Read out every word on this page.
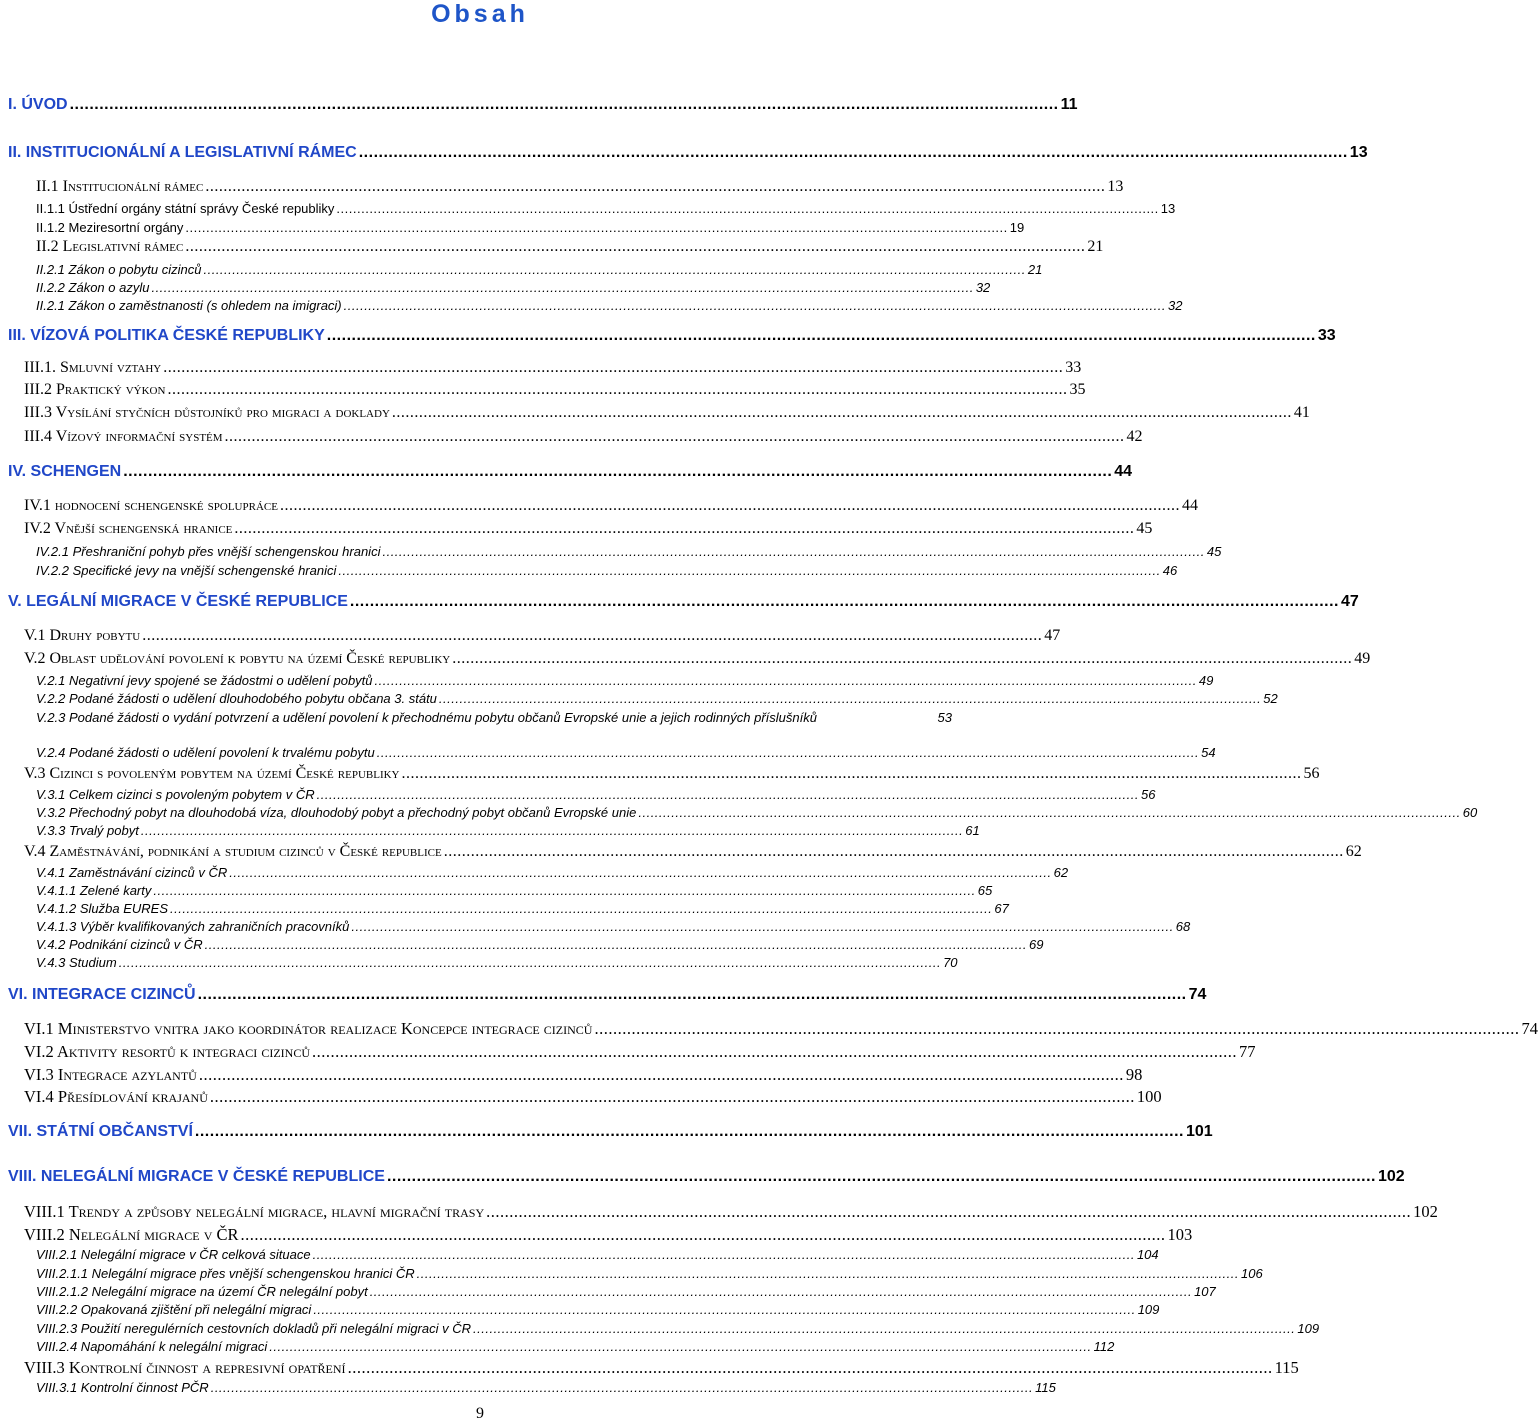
Obsah
I. ÚVOD ........................................................................................................................................................................................................ 11
II. INSTITUCIONÁLNÍ A LEGISLATIVNÍ RÁMEC ........................................................................................................................................................................................................ 13
II.1 Institucionální rámec ........................................................................................................................................................................................................ 13
II.1.1 Ústřední orgány státní správy České republiky ........................................................................................................................................................................................................ 13
II.1.2 Meziresortní orgány ........................................................................................................................................................................................................ 19
II.2 Legislativní rámec ........................................................................................................................................................................................................ 21
II.2.1 Zákon o pobytu cizinců ........................................................................................................................................................................................................ 21
II.2.2 Zákon o azylu ........................................................................................................................................................................................................ 32
II.2.1 Zákon o zaměstnanosti (s ohledem na imigraci) ........................................................................................................................................................................................................ 32
III. VÍZOVÁ POLITIKA ČESKÉ REPUBLIKY ........................................................................................................................................................................................................ 33
III.1. Smluvní vztahy ........................................................................................................................................................................................................ 33
III.2 Praktický výkon ........................................................................................................................................................................................................ 35
III.3 Vysílání styčních důstojníků pro migraci a doklady ........................................................................................................................................................................................................ 41
III.4 Vízový informační systém ........................................................................................................................................................................................................ 42
IV. SCHENGEN ........................................................................................................................................................................................................ 44
IV.1 hodnocení schengenské spolupráce ........................................................................................................................................................................................................ 44
IV.2 Vnější schengenská hranice ........................................................................................................................................................................................................ 45
IV.2.1 Přeshraniční pohyb přes vnější schengenskou hranici ........................................................................................................................................................................................................ 45
IV.2.2 Specifické jevy na vnější schengenské hranici ........................................................................................................................................................................................................ 46
V. LEGÁLNÍ MIGRACE V ČESKÉ REPUBLICE ........................................................................................................................................................................................................ 47
V.1 Druhy pobytu ........................................................................................................................................................................................................ 47
V.2 Oblast udělování povolení k pobytu na území České republiky ........................................................................................................................................................................................................ 49
V.2.1 Negativní jevy spojené se žádostmi o udělení pobytů ........................................................................................................................................................................................................ 49
V.2.2 Podané žádosti o udělení dlouhodobého pobytu občana 3. státu ........................................................................................................................................................................................................ 52
V.2.3 Podané žádosti o vydání potvrzení a udělení povolení k přechodnému pobytu občanů Evropské unie a jejich rodinných příslušníků	53
V.2.4 Podané žádosti o udělení povolení k trvalému pobytu ........................................................................................................................................................................................................ 54
V.3 Cizinci s povoleným pobytem na území České republiky ........................................................................................................................................................................................................ 56
V.3.1 Celkem cizinci s povoleným pobytem v ČR ........................................................................................................................................................................................................ 56
V.3.2 Přechodný pobyt na dlouhodobá víza, dlouhodobý pobyt a přechodný pobyt občanů Evropské unie ........................................................................................................................................................................................................ 60
V.3.3 Trvalý pobyt ........................................................................................................................................................................................................ 61
V.4 Zaměstnávání, podnikání a studium cizinců v České republice ........................................................................................................................................................................................................ 62
V.4.1 Zaměstnávání cizinců v ČR ........................................................................................................................................................................................................ 62
V.4.1.1 Zelené karty ........................................................................................................................................................................................................ 65
V.4.1.2 Služba EURES ........................................................................................................................................................................................................ 67
V.4.1.3 Výběr kvalifikovaných zahraničních pracovníků ........................................................................................................................................................................................................ 68
V.4.2 Podnikání cizinců v ČR ........................................................................................................................................................................................................ 69
V.4.3 Studium ........................................................................................................................................................................................................ 70
VI. INTEGRACE CIZINCŮ ........................................................................................................................................................................................................ 74
VI.1 Ministerstvo vnitra jako koordinátor realizace Koncepce integrace cizinců ........................................................................................................................................................................................................ 74
VI.2 Aktivity resortů k integraci cizinců ........................................................................................................................................................................................................ 77
VI.3 Integrace azylantů ........................................................................................................................................................................................................ 98
VI.4 Přesídlování krajanů ........................................................................................................................................................................................................ 100
VII. STÁTNÍ OBČANSTVÍ ........................................................................................................................................................................................................ 101
VIII. NELEGÁLNÍ MIGRACE V ČESKÉ REPUBLICE ........................................................................................................................................................................................................ 102
VIII.1 Trendy a způsoby nelegální migrace, hlavní migrační trasy ........................................................................................................................................................................................................ 102
VIII.2 Nelegální migrace v ČR ........................................................................................................................................................................................................ 103
VIII.2.1 Nelegální migrace v ČR celková situace ........................................................................................................................................................................................................ 104
VIII.2.1.1 Nelegální migrace přes vnější schengenskou hranici ČR ........................................................................................................................................................................................................ 106
VIII.2.1.2 Nelegální migrace na území ČR nelegální pobyt ........................................................................................................................................................................................................ 107
VIII.2.2 Opakovaná zjištění při nelegální migraci ........................................................................................................................................................................................................ 109
VIII.2.3 Použití neregulérních cestovních dokladů při nelegální migraci v ČR ........................................................................................................................................................................................................ 109
VIII.2.4 Napomáhání k nelegální migraci ........................................................................................................................................................................................................ 112
VIII.3 Kontrolní činnost a represivní opatření ........................................................................................................................................................................................................ 115
VIII.3.1 Kontrolní činnost PČR ........................................................................................................................................................................................................ 115
9
